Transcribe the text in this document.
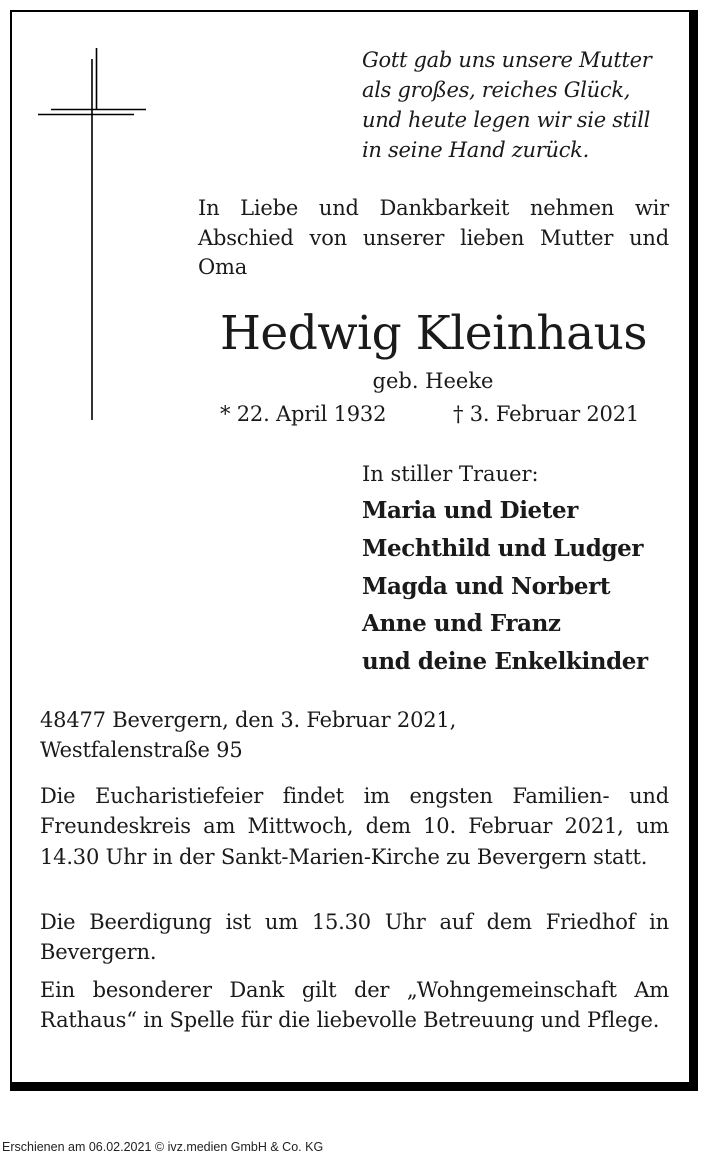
Gott gab uns unsere Mutter
als großes, reiches Glück,
und heute legen wir sie still
in seine Hand zurück.
In Liebe und Dankbarkeit nehmen wir Abschied von unserer lieben Mutter und Oma
Hedwig Kleinhaus
geb. Heeke
* 22. April 1932	† 3. Februar 2021
In stiller Trauer:
Maria und Dieter
Mechthild und Ludger
Magda und Norbert
Anne und Franz
und deine Enkelkinder
48477 Bevergern, den 3. Februar 2021,
Westfalenstraße 95
Die Eucharistiefeier findet im engsten Familien- und Freundeskreis am Mittwoch, dem 10. Februar 2021, um 14.30 Uhr in der Sankt-Marien-Kirche zu Bevergern statt.
Die Beerdigung ist um 15.30 Uhr auf dem Friedhof in Bevergern.
Ein besonderer Dank gilt der „Wohngemeinschaft Am Rathaus“ in Spelle für die liebevolle Betreuung und Pflege.
Erschienen am 06.02.2021 © ivz.medien GmbH & Co. KG
